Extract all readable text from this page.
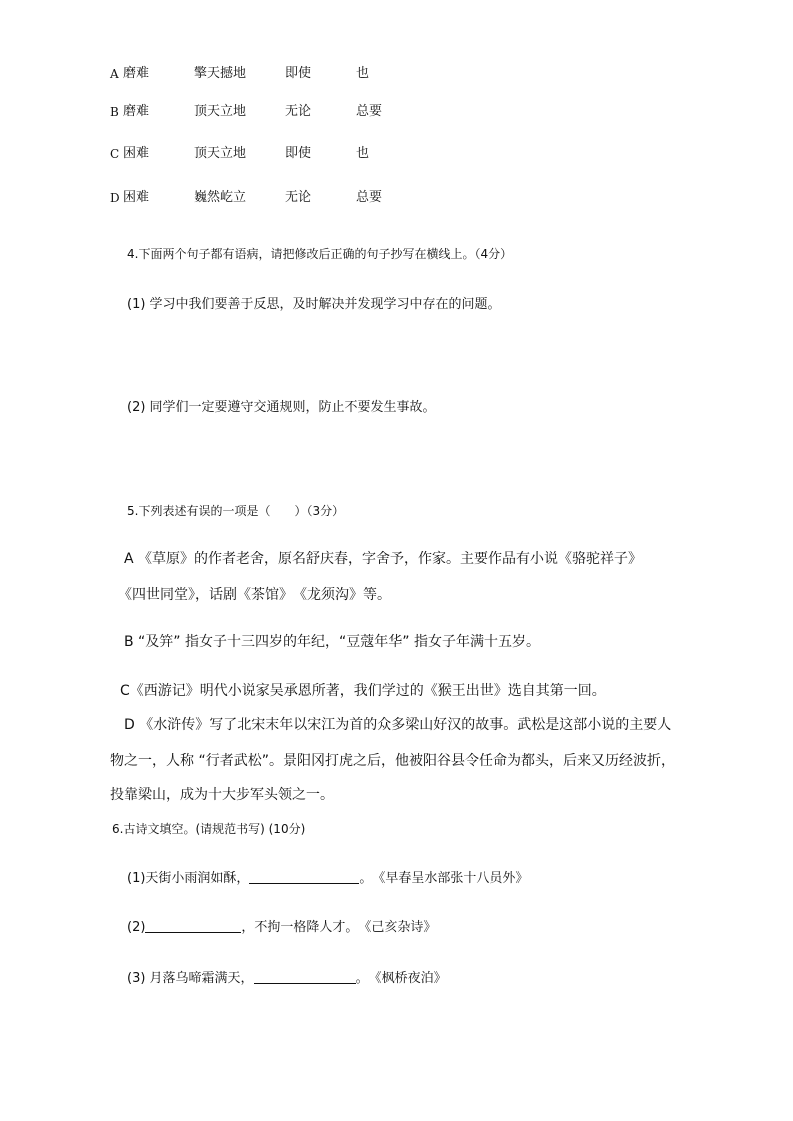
A 磨难	擎天撼地	即使	也
B 磨难	顶天立地	无论	总要
C 困难	顶天立地	即使	也
D 困难	巍然屹立	无论	总要
4.下面两个句子都有语病，请把修改后正确的句子抄写在横线上。（4分）
(1) 学习中我们要善于反思，及时解决并发现学习中存在的问题。
(2) 同学们一定要遵守交通规则，防止不要发生事故。
5.下列表述有误的一项是（　　）（3分）
A 《草原》的作者老舍，原名舒庆春，字舍予，作家。主要作品有小说《骆驼祥子》
《四世同堂》，话剧《茶馆》　《龙须沟》等。
B “及笄” 指女子十三四岁的年纪，“豆蔻年华” 指女子年满十五岁。
C《西游记》明代小说家吴承恩所著，我们学过的《猴王出世》选自其第一回。
D 《水浒传》写了北宋末年以宋江为首的众多梁山好汉的故事。武松是这部小说的主要人
物之一，人称 “行者武松”。景阳冈打虎之后，他被阳谷县令任命为都头，后来又历经波折，
投靠梁山，成为十大步军头领之一。
6.古诗文填空。(请规范书写) (10分)
(1)天街小雨润如酥，	。　《早春呈水部张十八员外》
(2)	，不拘一格降人才。　《己亥杂诗》
(3) 月落乌啼霜满天，	。　《枫桥夜泊》
